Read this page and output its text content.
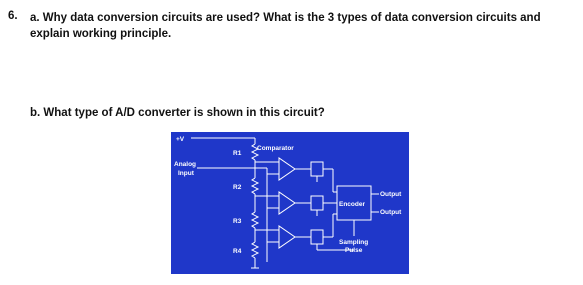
6. a. Why data conversion circuits are used? What is the 3 types of data conversion circuits and explain working principle.
b. What type of A/D converter is shown in this circuit?
+V
Comparator
Analog
Input
R1
R2
R3
R4
Encoder
Output
Output
Sampling
Pulse
